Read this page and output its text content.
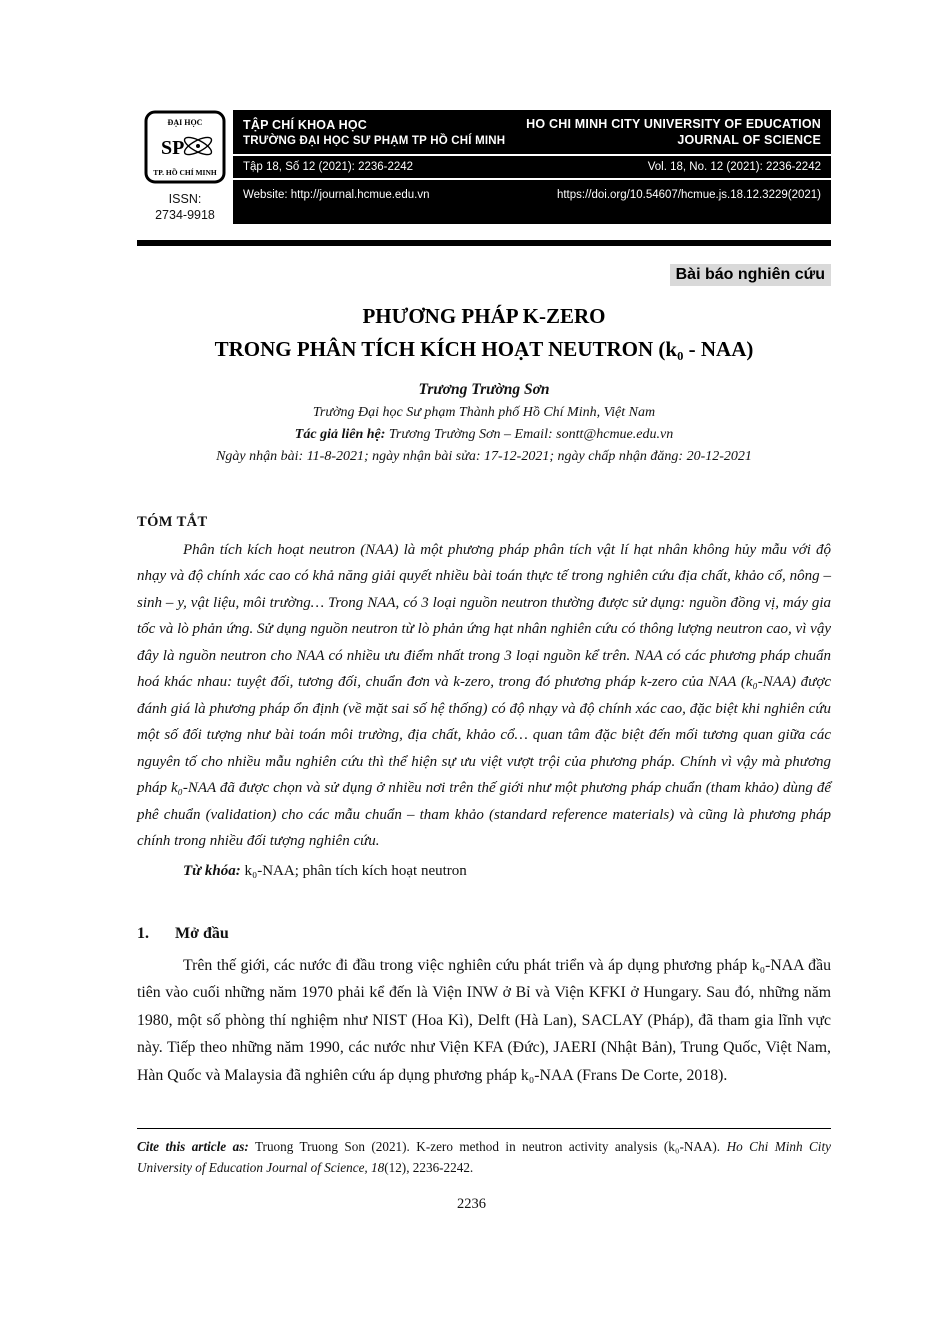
ĐẠI HỌC
SP
TP. HỒ CHÍ MINH
ISSN:
2734-9918
TẬP CHÍ KHOA HỌC
TRƯỜNG ĐẠI HỌC SƯ PHẠM TP HỒ CHÍ MINH
HO CHI MINH CITY UNIVERSITY OF EDUCATION
JOURNAL OF SCIENCE
Tập 18, Số 12 (2021): 2236-2242	Vol. 18, No. 12 (2021): 2236-2242
Website: http://journal.hcmue.edu.vn	https://doi.org/10.54607/hcmue.js.18.12.3229(2021)
Bài báo nghiên cứu
PHƯƠNG PHÁP K-ZERO
TRONG PHÂN TÍCH KÍCH HOẠT NEUTRON (k₀ - NAA)
Trương Trường Sơn
Trường Đại học Sư phạm Thành phố Hồ Chí Minh, Việt Nam
Tác giả liên hệ: Trương Trường Sơn – Email: sontt@hcmue.edu.vn
Ngày nhận bài: 11-8-2021; ngày nhận bài sửa: 17-12-2021; ngày chấp nhận đăng: 20-12-2021
TÓM TẮT

Phân tích kích hoạt neutron (NAA) là một phương pháp phân tích vật lí hạt nhân không hủy mẫu với độ nhạy và độ chính xác cao có khả năng giải quyết nhiều bài toán thực tế trong nghiên cứu địa chất, khảo cổ, nông – sinh – y, vật liệu, môi trường… Trong NAA, có 3 loại nguồn neutron thường được sử dụng: nguồn đồng vị, máy gia tốc và lò phản ứng. Sử dụng nguồn neutron từ lò phản ứng hạt nhân nghiên cứu có thông lượng neutron cao, vì vậy đây là nguồn neutron cho NAA có nhiều ưu điểm nhất trong 3 loại nguồn kể trên. NAA có các phương pháp chuẩn hoá khác nhau: tuyệt đối, tương đối, chuẩn đơn và k-zero, trong đó phương pháp k-zero của NAA (k₀-NAA) được đánh giá là phương pháp ổn định (về mặt sai số hệ thống) có độ nhạy và độ chính xác cao, đặc biệt khi nghiên cứu một số đối tượng như bài toán môi trường, địa chất, khảo cổ… quan tâm đặc biệt đến mối tương quan giữa các nguyên tố cho nhiều mẫu nghiên cứu thì thể hiện sự ưu việt vượt trội của phương pháp. Chính vì vậy mà phương pháp k₀-NAA đã được chọn và sử dụng ở nhiều nơi trên thế giới như một phương pháp chuẩn (tham khảo) dùng để phê chuẩn (validation) cho các mẫu chuẩn – tham khảo (standard reference materials) và cũng là phương pháp chính trong nhiều đối tượng nghiên cứu.

Từ khóa: k₀-NAA; phân tích kích hoạt neutron
1.	Mở đầu

Trên thế giới, các nước đi đầu trong việc nghiên cứu phát triển và áp dụng phương pháp k₀-NAA đầu tiên vào cuối những năm 1970 phải kể đến là Viện INW ở Bỉ và Viện KFKI ở Hungary. Sau đó, những năm 1980, một số phòng thí nghiệm như NIST (Hoa Kì), Delft (Hà Lan), SACLAY (Pháp), đã tham gia lĩnh vực này. Tiếp theo những năm 1990, các nước như Viện KFA (Đức), JAERI (Nhật Bản), Trung Quốc, Việt Nam, Hàn Quốc và Malaysia đã nghiên cứu áp dụng phương pháp k₀-NAA (Frans De Corte, 2018).

Cite this article as: Truong Truong Son (2021). K-zero method in neutron activity analysis (k₀-NAA). Ho Chi Minh City University of Education Journal of Science, 18(12), 2236-2242.
2236
